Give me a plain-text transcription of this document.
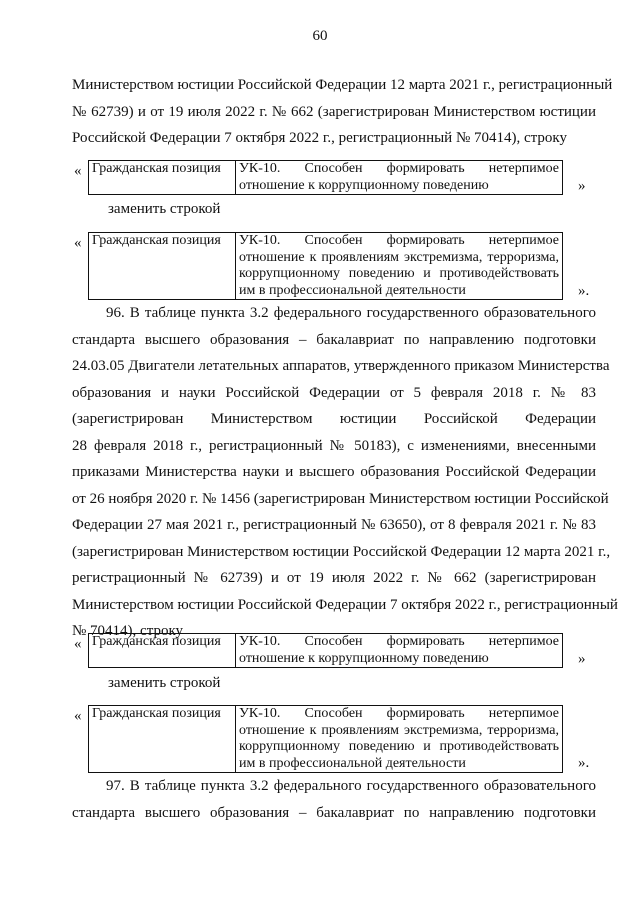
60
Министерством юстиции Российской Федерации 12 марта 2021 г., регистрационный
№ 62739) и от 19 июля 2022 г. № 662 (зарегистрирован Министерством юстиции
Российской Федерации 7 октября 2022 г., регистрационный № 70414), строку
« Гражданская позиция	УК-10. Способен формировать нетерпимое
отношение к коррупционному поведению	»
заменить строкой
« Гражданская позиция	УК-10. Способен формировать нетерпимое
отношение к проявлениям экстремизма, терроризма,
коррупционному поведению и противодействовать
им в профессиональной деятельности	».
96. В таблице пункта 3.2 федерального государственного образовательного
стандарта высшего образования – бакалавриат по направлению подготовки
24.03.05 Двигатели летательных аппаратов, утвержденного приказом Министерства
образования и науки Российской Федерации от 5 февраля 2018 г. № 83
(зарегистрирован Министерством юстиции Российской Федерации
28 февраля 2018 г., регистрационный № 50183), с изменениями, внесенными
приказами Министерства науки и высшего образования Российской Федерации
от 26 ноября 2020 г. № 1456 (зарегистрирован Министерством юстиции Российской
Федерации 27 мая 2021 г., регистрационный № 63650), от 8 февраля 2021 г. № 83
(зарегистрирован Министерством юстиции Российской Федерации 12 марта 2021 г.,
регистрационный № 62739) и от 19 июля 2022 г. № 662 (зарегистрирован
Министерством юстиции Российской Федерации 7 октября 2022 г., регистрационный
№ 70414), строку
« Гражданская позиция	УК-10. Способен формировать нетерпимое
отношение к коррупционному поведению	»
заменить строкой
« Гражданская позиция	УК-10. Способен формировать нетерпимое
отношение к проявлениям экстремизма, терроризма,
коррупционному поведению и противодействовать
им в профессиональной деятельности	».
97. В таблице пункта 3.2 федерального государственного образовательного
стандарта высшего образования – бакалавриат по направлению подготовки
